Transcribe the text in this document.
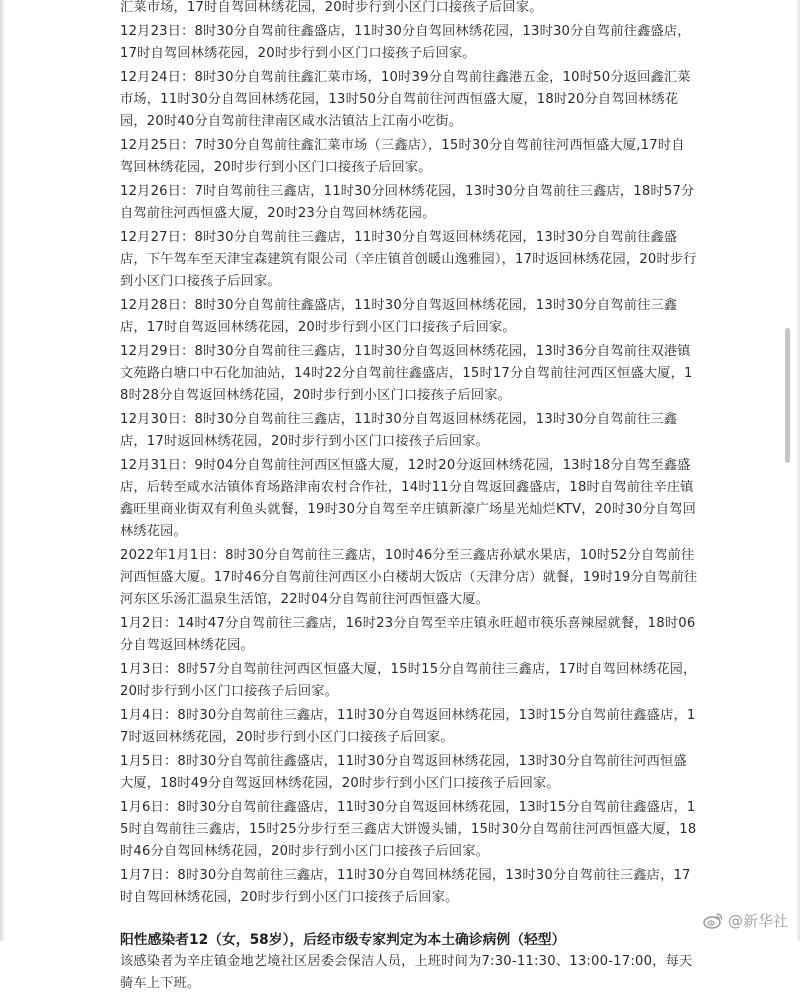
汇菜市场，17时自驾回林绣花园，20时步行到小区门口接孩子后回家。
12月23日：8时30分自驾前往鑫盛店，11时30分自驾回林绣花园，13时30分自驾前往鑫盛店，17时自驾回林绣花园，20时步行到小区门口接孩子后回家。
12月24日：8时30分自驾前往鑫汇菜市场，10时39分自驾前往鑫港五金，10时50分返回鑫汇菜市场，11时30分自驾回林绣花园，13时50分自驾前往河西恒盛大厦，18时20分自驾回林绣花园，20时40分自驾前往津南区咸水沽镇沽上江南小吃街。
12月25日：7时30分自驾前往鑫汇菜市场（三鑫店），15时30分自驾前往河西恒盛大厦,17时自驾回林绣花园，20时步行到小区门口接孩子后回家。
12月26日：7时自驾前往三鑫店，11时30分回林绣花园，13时30分自驾前往三鑫店，18时57分自驾前往河西恒盛大厦，20时23分自驾回林绣花园。
12月27日：8时30分自驾前往三鑫店，11时30分自驾返回林绣花园，13时30分自驾前往鑫盛店，下午驾车至天津宝森建筑有限公司（辛庄镇首创暖山逸雅园），17时返回林绣花园，20时步行到小区门口接孩子后回家。
12月28日：8时30分自驾前往鑫盛店，11时30分自驾返回林绣花园，13时30分自驾前往三鑫店，17时自驾返回林绣花园，20时步行到小区门口接孩子后回家。
12月29日：8时30分自驾前往三鑫店，11时30分自驾返回林绣花园，13时36分自驾前往双港镇文苑路白塘口中石化加油站，14时22分自驾前往鑫盛店，15时17分自驾前往河西区恒盛大厦，18时28分自驾返回林绣花园，20时步行到小区门口接孩子后回家。
12月30日：8时30分自驾前往三鑫店，11时30分自驾返回林绣花园，13时30分自驾前往三鑫店，17时返回林绣花园，20时步行到小区门口接孩子后回家。
12月31日：9时04分自驾前往河西区恒盛大厦，12时20分返回林绣花园，13时18分自驾至鑫盛店，后转至咸水沽镇体育场路津南农村合作社，14时11分自驾返回鑫盛店，18时自驾前往辛庄镇鑫旺里商业街双有利鱼头就餐，19时30分自驾至辛庄镇新濠广场星光灿烂KTV，20时30分自驾回林绣花园。
2022年1月1日：8时30分自驾前往三鑫店，10时46分至三鑫店孙斌水果店，10时52分自驾前往河西恒盛大厦。17时46分自驾前往河西区小白楼胡大饭店（天津分店）就餐，19时19分自驾前往河东区乐汤汇温泉生活馆，22时04分自驾前往河西恒盛大厦。
1月2日：14时47分自驾前往三鑫店，16时23分自驾至辛庄镇永旺超市筷乐喜辣屋就餐，18时06分自驾返回林绣花园。
1月3日：8时57分自驾前往河西区恒盛大厦，15时15分自驾前往三鑫店，17时自驾回林绣花园，20时步行到小区门口接孩子后回家。
1月4日：8时30分自驾前往三鑫店，11时30分自驾返回林绣花园，13时15分自驾前往鑫盛店，17时返回林绣花园，20时步行到小区门口接孩子后回家。
1月5日：8时30分自驾前往鑫盛店，11时30分自驾返回林绣花园，13时30分自驾前往河西恒盛大厦，18时49分自驾返回林绣花园，20时步行到小区门口接孩子后回家。
1月6日：8时30分自驾前往鑫盛店，11时30分自驾返回林绣花园，13时15分自驾前往鑫盛店，15时自驾前往三鑫店，15时25分步行至三鑫店大饼馒头铺，15时30分自驾前往河西恒盛大厦，18时46分自驾回林绣花园，20时步行到小区门口接孩子后回家。
1月7日：8时30分自驾前往三鑫店，11时30分自驾回林绣花园，13时30分自驾前往三鑫店，17时自驾回林绣花园，20时步行到小区门口接孩子后回家。
阳性感染者12（女，58岁），后经市级专家判定为本土确诊病例（轻型）
该感染者为辛庄镇金地艺境社区居委会保洁人员，上班时间为7:30-11:30、13:00-17:00，每天骑车上下班。
@新华社
